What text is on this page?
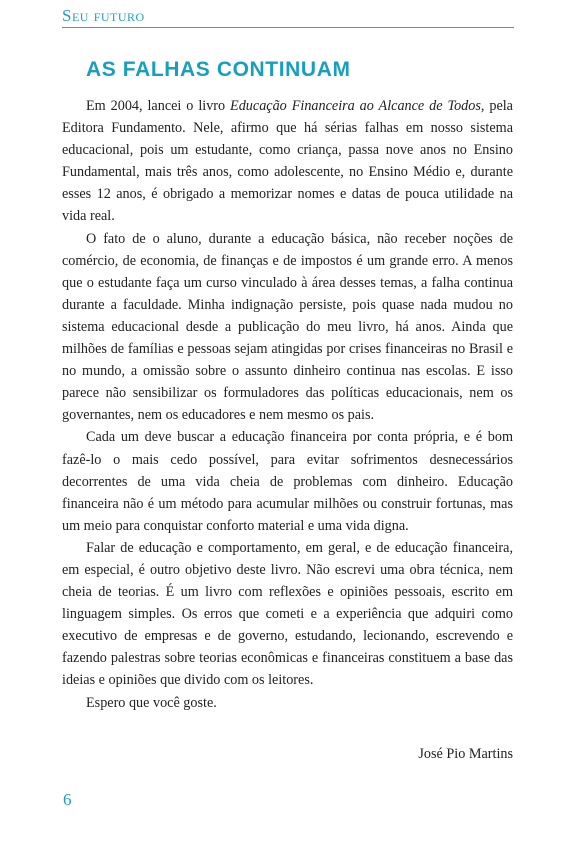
Seu futuro
AS FALHAS CONTINUAM

Em 2004, lancei o livro Educação Financeira ao Alcance de Todos, pela Editora Fundamento. Nele, afirmo que há sérias falhas em nosso sistema educacional, pois um estudante, como criança, passa nove anos no Ensino Fundamental, mais três anos, como adolescente, no Ensino Médio e, durante esses 12 anos, é obrigado a memorizar nomes e datas de pouca utilidade na vida real.

O fato de o aluno, durante a educação básica, não receber noções de comércio, de economia, de finanças e de impostos é um grande erro. A menos que o estudante faça um curso vinculado à área desses temas, a falha continua durante a faculdade. Minha indignação persiste, pois quase nada mudou no sistema educacional desde a publicação do meu livro, há anos. Ainda que milhões de famílias e pessoas sejam atingidas por crises financeiras no Brasil e no mundo, a omissão sobre o assunto dinheiro continua nas escolas. E isso parece não sensibilizar os formuladores das políticas educacionais, nem os governantes, nem os educadores e nem mesmo os pais.

Cada um deve buscar a educação financeira por conta própria, e é bom fazê-lo o mais cedo possível, para evitar sofrimentos desnecessários decorrentes de uma vida cheia de problemas com dinheiro. Educação financeira não é um método para acumular milhões ou construir fortunas, mas um meio para conquistar conforto material e uma vida digna.

Falar de educação e comportamento, em geral, e de educação financeira, em especial, é outro objetivo deste livro. Não escrevi uma obra técnica, nem cheia de teorias. É um livro com reflexões e opiniões pessoais, escrito em linguagem simples. Os erros que cometi e a experiência que adquiri como executivo de empresas e de governo, estudando, lecionando, escrevendo e fazendo palestras sobre teorias econômicas e financeiras constituem a base das ideias e opiniões que divido com os leitores.

Espero que você goste.

José Pio Martins
6
